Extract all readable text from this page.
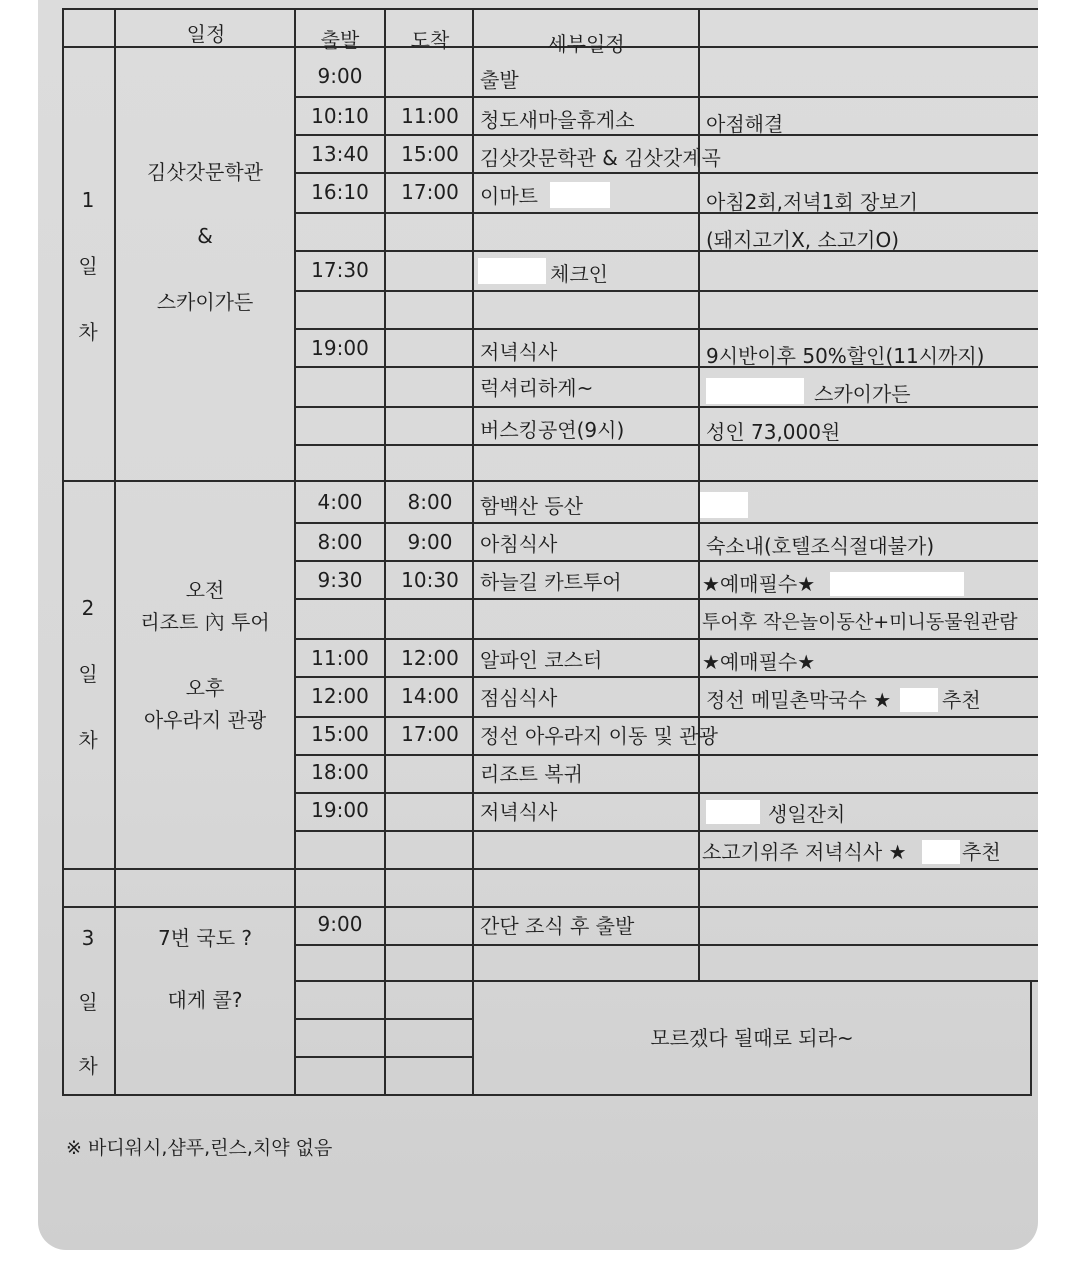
일정	출발	도착	세부일정
1
일
차
김삿갓문학관
&
스카이가든
9:00	출발
10:10 11:00 청도새마을휴게소	아점해결
13:40 15:00 김삿갓문학관 & 김삿갓계곡
16:10 17:00 이마트	아침2회,저녁1회 장보기
(돼지고기X, 소고기O)
17:30	체크인
19:00	저녁식사	9시반이후 50%할인(11시까지)
럭셔리하게~	스카이가든
버스킹공연(9시)	성인 73,000원
2
일
차
오전
리조트 內 투어
오후
아우라지 관광
4:00 8:00 함백산 등산
8:00 9:00 아침식사	숙소내(호텔조식절대불가)
9:30 10:30 하늘길 카트투어	★예매필수★
투어후 작은놀이동산+미니동물원관람
11:00 12:00 알파인 코스터	★예매필수★
12:00 14:00 점심식사	정선 메밀촌막국수 ★	추천
15:00 17:00 정선 아우라지 이동 및 관광
18:00	리조트 복귀
19:00	저녁식사	생일잔치
소고기위주 저녁식사 ★	추천
3
일
차
7번 국도 ?
대게 콜?
9:00	간단 조식 후 출발
모르겠다 될때로 되라~
※ 바디워시,샴푸,린스,치약 없음
